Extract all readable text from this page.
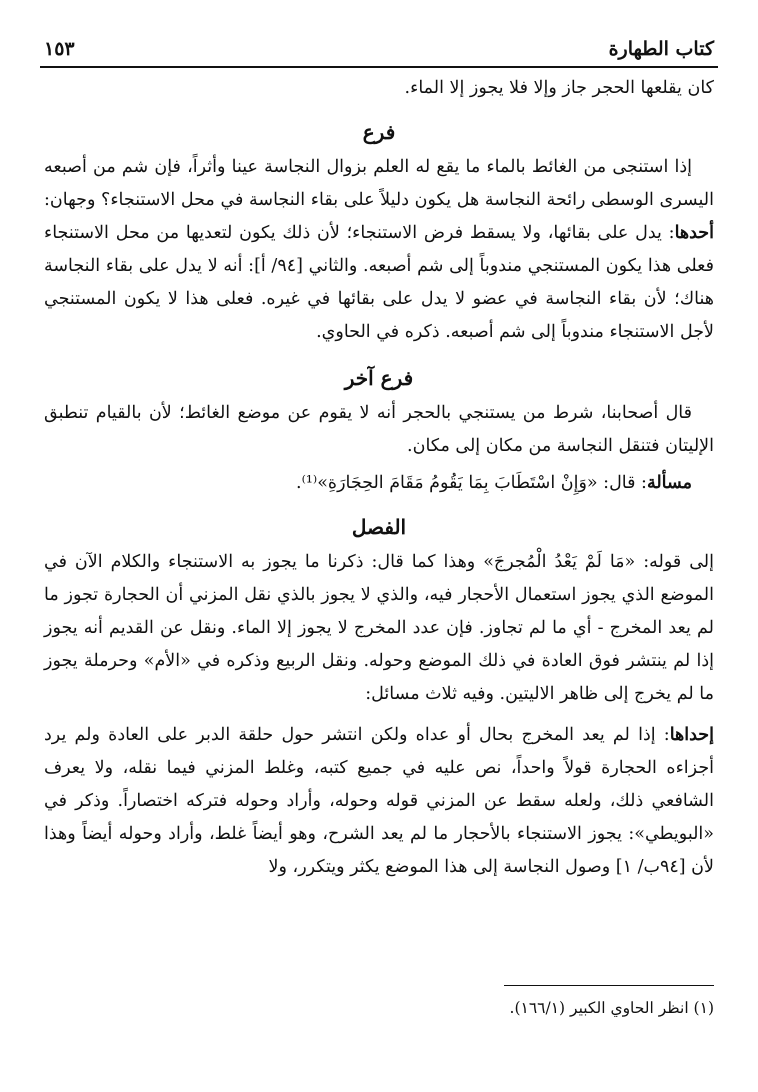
كتاب الطهارة
١٥٣

كان يقلعها الحجر جاز وإلا فلا يجوز إلا الماء.

فرع

إذا استنجى من الغائط بالماء ما يقع له العلم بزوال النجاسة عينا وأثراً، فإن شم من أصبعه اليسرى الوسطى رائحة النجاسة هل يكون دليلاً على بقاء النجاسة في محل الاستنجاء؟ وجهان: أحدها: يدل على بقائها، ولا يسقط فرض الاستنجاء؛ لأن ذلك يكون لتعديها من محل الاستنجاء فعلى هذا يكون المستنجي مندوباً إلى شم أصبعه. والثاني [٩٤/ أ]: أنه لا يدل على بقاء النجاسة هناك؛ لأن بقاء النجاسة في عضو لا يدل على بقائها في غيره. فعلى هذا لا يكون المستنجي لأجل الاستنجاء مندوباً إلى شم أصبعه. ذكره في الحاوي.

فرع آخر

قال أصحابنا، شرط من يستنجي بالحجر أنه لا يقوم عن موضع الغائط؛ لأن بالقيام تنطبق الإليتان فتنقل النجاسة من مكان إلى مكان.

مسألة: قال: «وَإِنْ اسْتَطَابَ بِمَا يَقُومُ مَقَامَ الحِجَارَةِ»⁽¹⁾.

الفصل

إلى قوله: «مَا لَمْ يَعْدُ الْمُجرجَ» وهذا كما قال: ذكرنا ما يجوز به الاستنجاء والكلام الآن في الموضع الذي يجوز استعمال الأحجار فيه، والذي لا يجوز بالذي نقل المزني أن الحجارة تجوز ما لم يعد المخرج - أي ما لم تجاوز. فإن عدد المخرج لا يجوز إلا الماء. ونقل عن القديم أنه يجوز إذا لم ينتشر فوق العادة في ذلك الموضع وحوله. ونقل الربيع وذكره في «الأم» وحرملة يجوز ما لم يخرج إلى ظاهر الاليتين. وفيه ثلاث مسائل:

إحداها: إذا لم يعد المخرج بحال أو عداه ولكن انتشر حول حلقة الدبر على العادة ولم يرد أجزاءه الحجارة قولاً واحداً، نص عليه في جميع كتبه، وغلط المزني فيما نقله، ولا يعرف الشافعي ذلك، ولعله سقط عن المزني قوله وحوله، وأراد وحوله فتركه اختصاراً. وذكر في «البويطي»: يجوز الاستنجاء بالأحجار ما لم يعد الشرح، وهو أيضاً غلط، وأراد وحوله أيضاً وهذا لأن [٩٤ب/ ١] وصول النجاسة إلى هذا الموضع يكثر ويتكرر، ولا

(١) انظر الحاوي الكبير (١٦٦/١).
